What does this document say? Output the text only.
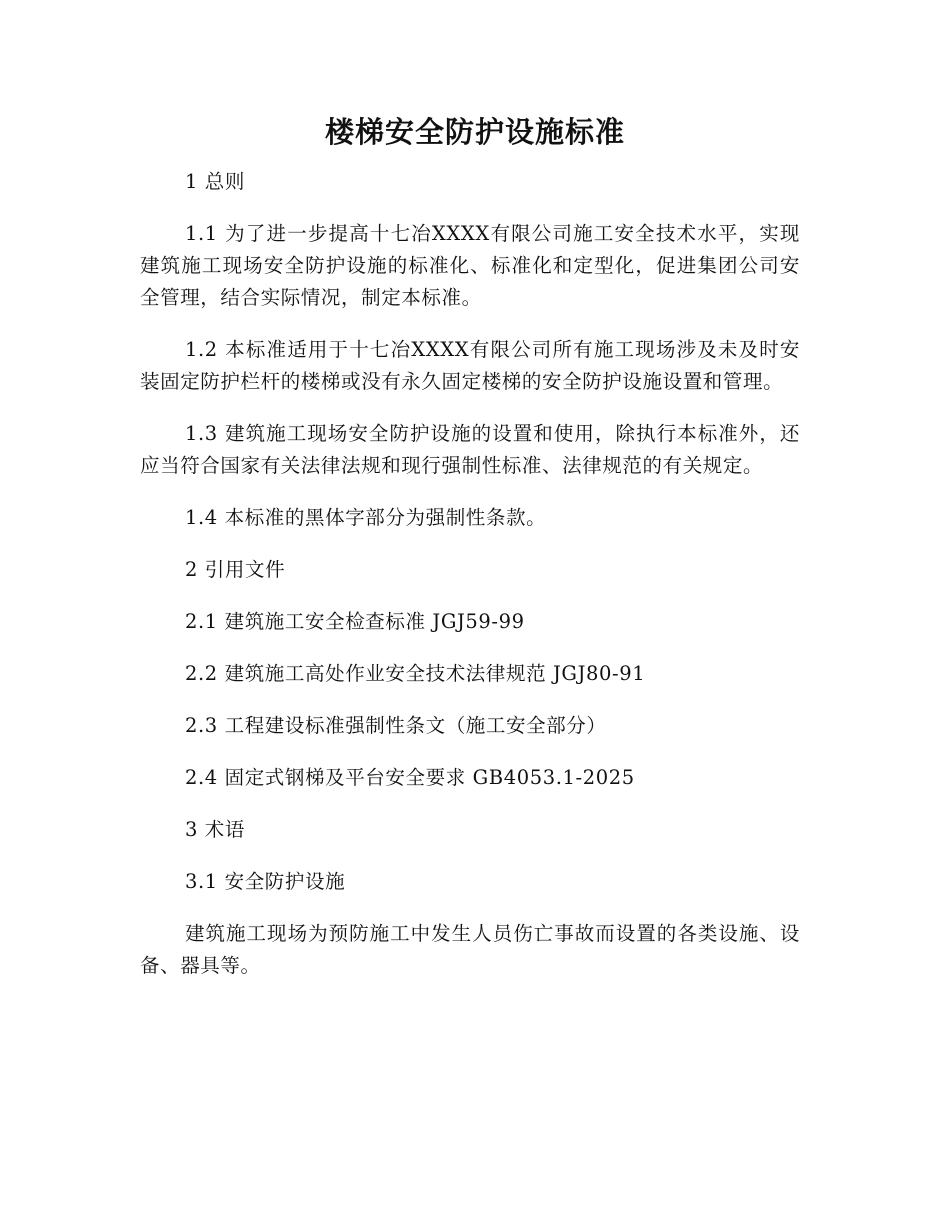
楼梯安全防护设施标准

1 总则

1.1 为了进一步提高十七冶XXXX有限公司施工安全技术水平，实现建筑施工现场安全防护设施的标准化、标准化和定型化，促进集团公司安全管理，结合实际情况，制定本标准。

1.2 本标准适用于十七冶XXXX有限公司所有施工现场涉及未及时安装固定防护栏杆的楼梯或没有永久固定楼梯的安全防护设施设置和管理。

1.3 建筑施工现场安全防护设施的设置和使用，除执行本标准外，还应当符合国家有关法律法规和现行强制性标准、法律规范的有关规定。

1.4 本标准的黑体字部分为强制性条款。

2 引用文件

2.1 建筑施工安全检查标准 JGJ59-99

2.2 建筑施工高处作业安全技术法律规范 JGJ80-91

2.3 工程建设标准强制性条文（施工安全部分）

2.4 固定式钢梯及平台安全要求 GB4053.1-2025

3 术语

3.1 安全防护设施

建筑施工现场为预防施工中发生人员伤亡事故而设置的各类设施、设备、器具等。
